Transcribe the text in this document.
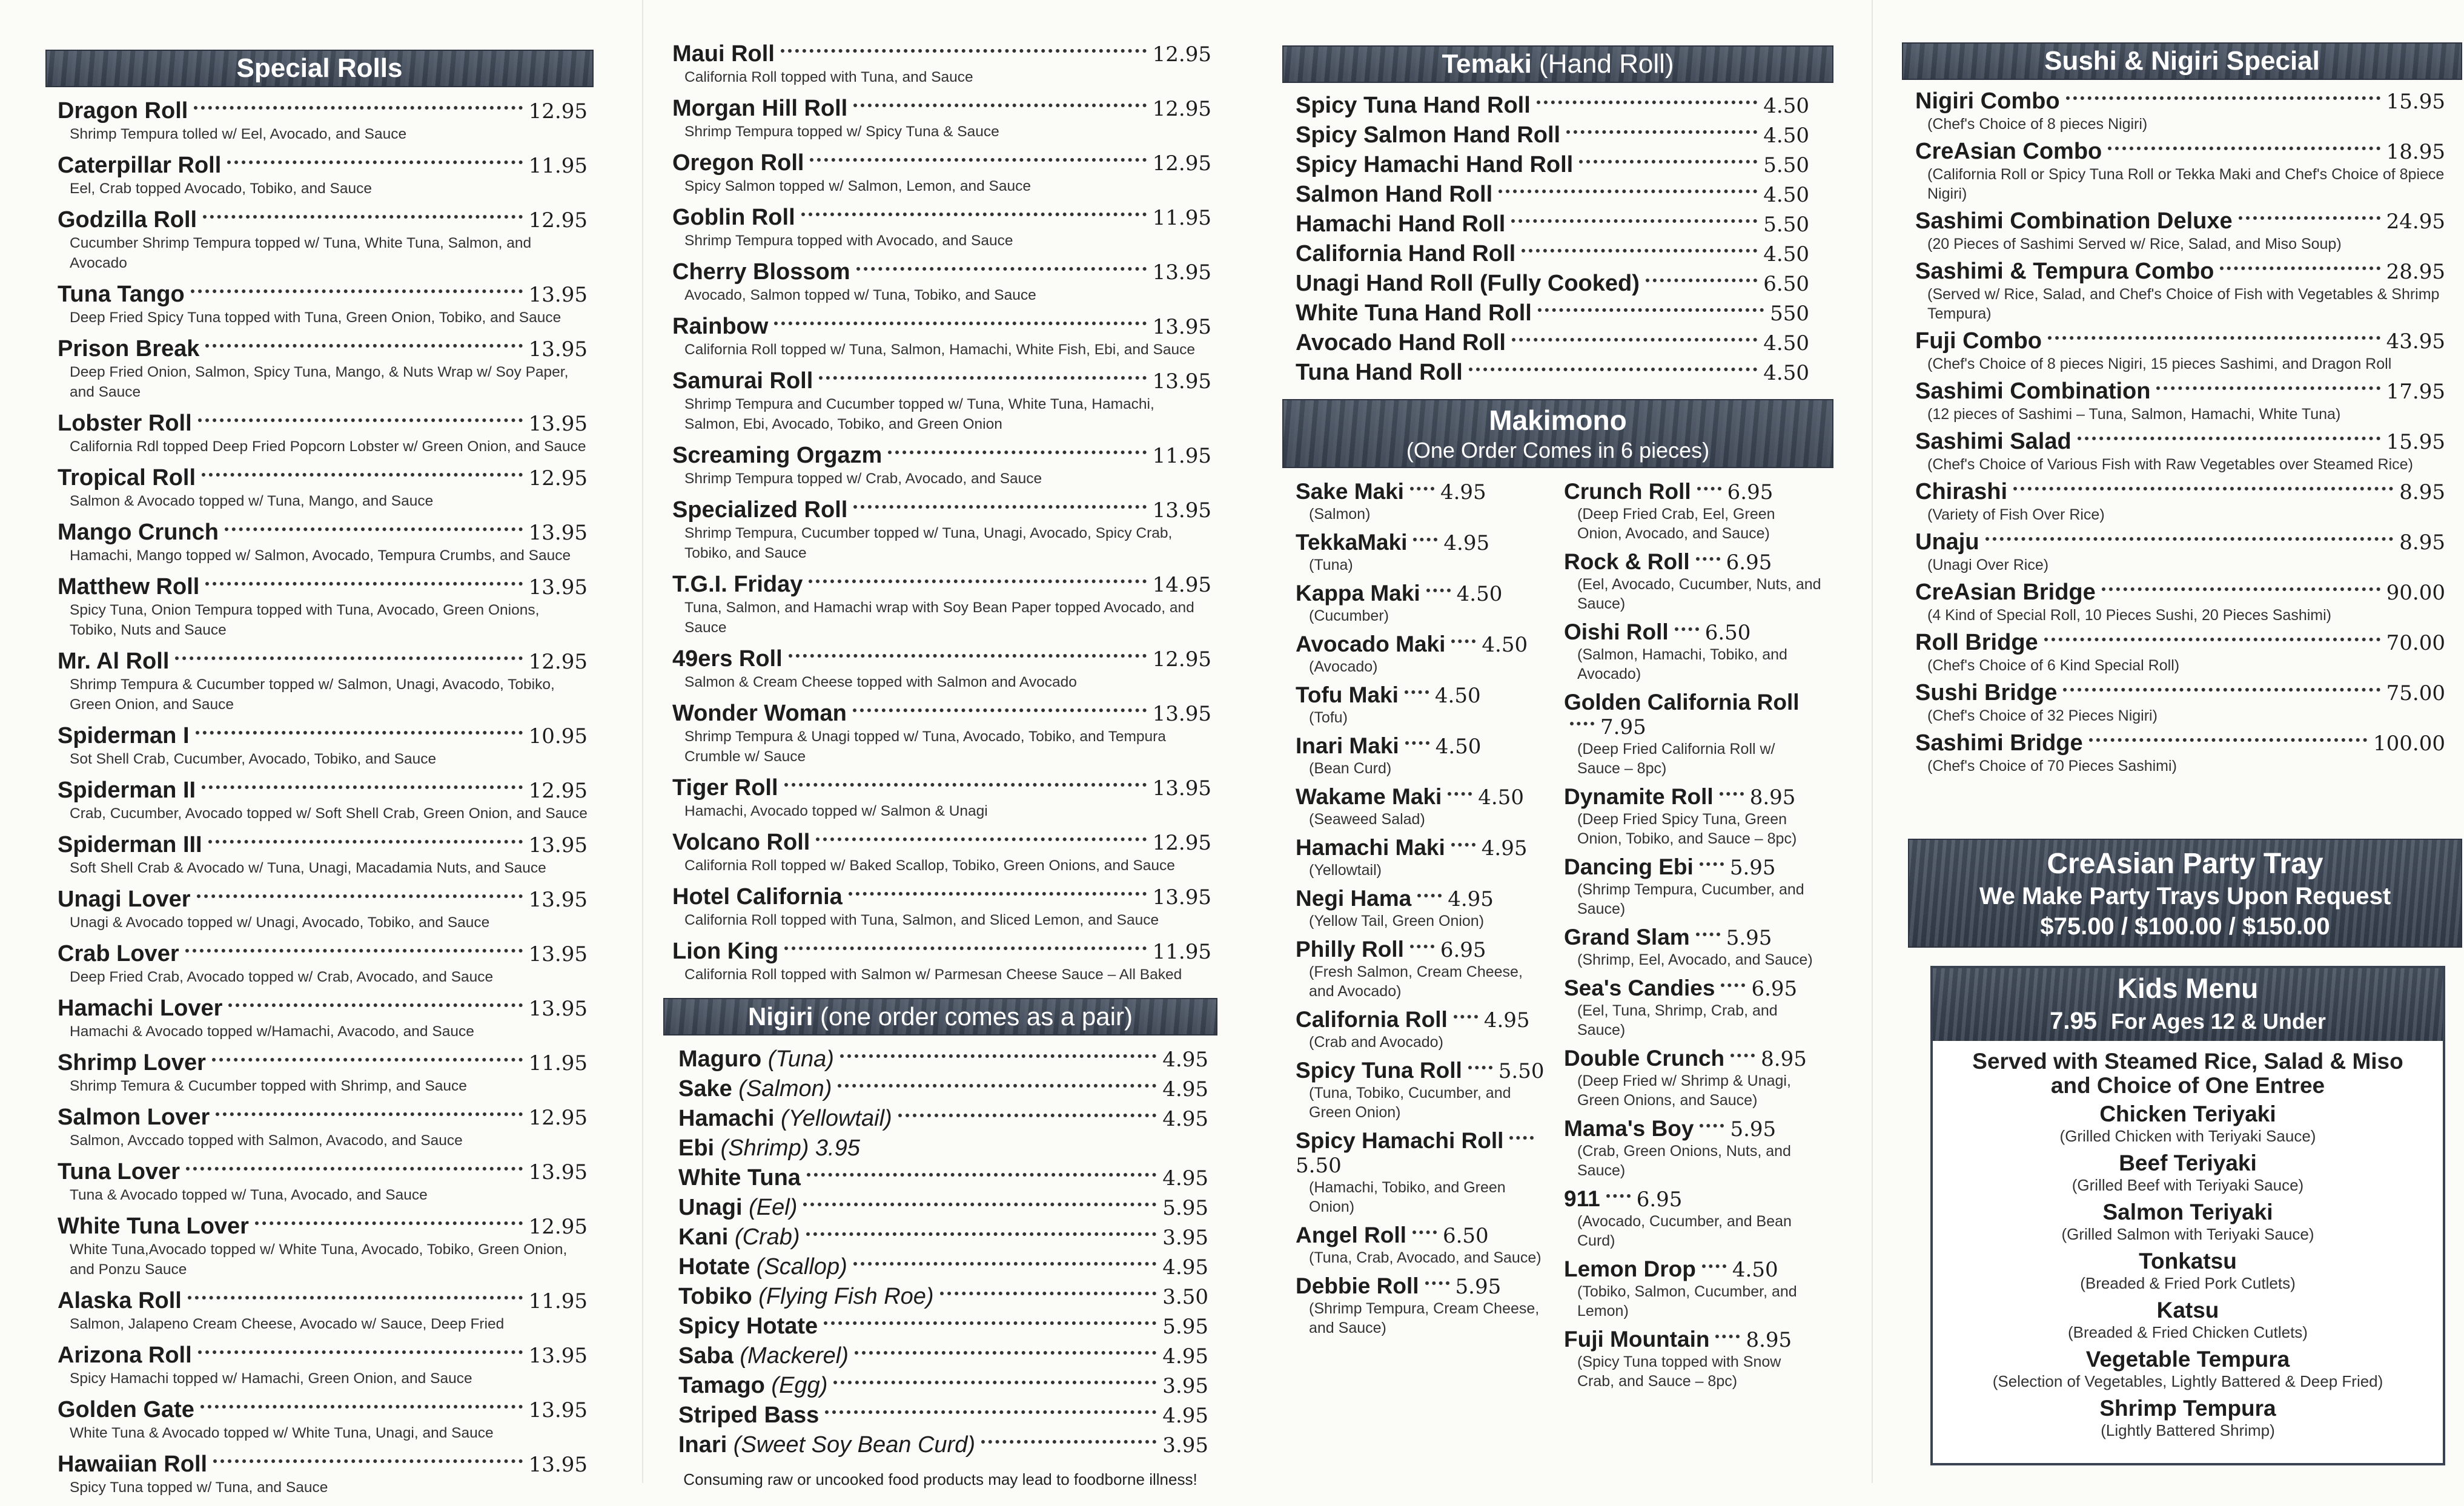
Special Rolls
Dragon Roll	12.95
Shrimp Tempura tolled w/ Eel, Avocado, and Sauce
Caterpillar Roll	11.95
Eel, Crab topped Avocado, Tobiko, and Sauce
Godzilla Roll	12.95
Cucumber Shrimp Tempura topped w/ Tuna, White Tuna, Salmon, and Avocado
Tuna Tango	13.95
Deep Fried Spicy Tuna topped with Tuna, Green Onion, Tobiko, and Sauce
Prison Break	13.95
Deep Fried Onion, Salmon, Spicy Tuna, Mango, & Nuts Wrap w/ Soy Paper, and Sauce
Lobster Roll	13.95
California Rdl topped Deep Fried Popcorn Lobster w/ Green Onion, and Sauce
Tropical Roll	12.95
Salmon & Avocado topped w/ Tuna, Mango, and Sauce
Mango Crunch	13.95
Hamachi, Mango topped w/ Salmon, Avocado, Tempura Crumbs, and Sauce
Matthew Roll	13.95
Spicy Tuna, Onion Tempura topped with Tuna, Avocado, Green Onions, Tobiko, Nuts and Sauce
Mr. Al Roll	12.95
Shrimp Tempura & Cucumber topped w/ Salmon, Unagi, Avacodo, Tobiko, Green Onion, and Sauce
Spiderman I	10.95
Sot Shell Crab, Cucumber, Avocado, Tobiko, and Sauce
Spiderman II	12.95
Crab, Cucumber, Avocado topped w/ Soft Shell Crab, Green Onion, and Sauce
Spiderman III	13.95
Soft Shell Crab & Avocado w/ Tuna, Unagi, Macadamia Nuts, and Sauce
Unagi Lover	13.95
Unagi & Avocado topped w/ Unagi, Avocado, Tobiko, and Sauce
Crab Lover	13.95
Deep Fried Crab, Avocado topped w/ Crab, Avocado, and Sauce
Hamachi Lover	13.95
Hamachi & Avocado topped w/Hamachi, Avacodo, and Sauce
Shrimp Lover	11.95
Shrimp Temura & Cucumber topped with Shrimp, and Sauce
Salmon Lover	12.95
Salmon, Avccado topped with Salmon, Avacodo, and Sauce
Tuna Lover	13.95
Tuna & Avocado topped w/ Tuna, Avocado, and Sauce
White Tuna Lover	12.95
White Tuna,Avocado topped w/ White Tuna, Avocado, Tobiko, Green Onion, and Ponzu Sauce
Alaska Roll	11.95
Salmon, Jalapeno Cream Cheese, Avocado w/ Sauce, Deep Fried
Arizona Roll	13.95
Spicy Hamachi topped w/ Hamachi, Green Onion, and Sauce
Golden Gate	13.95
White Tuna & Avocado topped w/ White Tuna, Unagi, and Sauce
Hawaiian Roll	13.95
Spicy Tuna topped w/ Tuna, and Sauce
Maui Roll	12.95
California Roll topped with Tuna, and Sauce
Morgan Hill Roll	12.95
Shrimp Tempura topped w/ Spicy Tuna & Sauce
Oregon Roll	12.95
Spicy Salmon topped w/ Salmon, Lemon, and Sauce
Goblin Roll	11.95
Shrimp Tempura topped with Avocado, and Sauce
Cherry Blossom	13.95
Avocado, Salmon topped w/ Tuna, Tobiko, and Sauce
Rainbow	13.95
California Roll topped w/ Tuna, Salmon, Hamachi, White Fish, Ebi, and Sauce
Samurai Roll	13.95
Shrimp Tempura and Cucumber topped w/ Tuna, White Tuna, Hamachi, Salmon, Ebi, Avocado, Tobiko, and Green Onion
Screaming Orgazm	11.95
Shrimp Tempura topped w/ Crab, Avocado, and Sauce
Specialized Roll	13.95
Shrimp Tempura, Cucumber topped w/ Tuna, Unagi, Avocado, Spicy Crab, Tobiko, and Sauce
T.G.I. Friday	14.95
Tuna, Salmon, and Hamachi wrap with Soy Bean Paper topped Avocado, and Sauce
49ers Roll	12.95
Salmon & Cream Cheese topped with Salmon and Avocado
Wonder Woman	13.95
Shrimp Tempura & Unagi topped w/ Tuna, Avocado, Tobiko, and Tempura Crumble w/ Sauce
Tiger Roll	13.95
Hamachi, Avocado topped w/ Salmon & Unagi
Volcano Roll	12.95
California Roll topped w/ Baked Scallop, Tobiko, Green Onions, and Sauce
Hotel California	13.95
California Roll topped with Tuna, Salmon, and Sliced Lemon, and Sauce
Lion King	11.95
California Roll topped with Salmon w/ Parmesan Cheese Sauce – All Baked
Nigiri (one order comes as a pair)
Maguro (Tuna)	4.95
Sake (Salmon)	4.95
Hamachi (Yellowtail)	4.95
Ebi (Shrimp) 3.95
White Tuna	4.95
Unagi (Eel)	5.95
Kani (Crab)	3.95
Hotate (Scallop)	4.95
Tobiko (Flying Fish Roe)	3.50
Spicy Hotate	5.95
Saba (Mackerel)	4.95
Tamago (Egg)	3.95
Striped Bass	4.95
Inari (Sweet Soy Bean Curd)	3.95
Consuming raw or uncooked food products may lead to foodborne illness!
Temaki (Hand Roll)
Spicy Tuna Hand Roll	4.50
Spicy Salmon Hand Roll	4.50
Spicy Hamachi Hand Roll	5.50
Salmon Hand Roll	4.50
Hamachi Hand Roll	5.50
California Hand Roll	4.50
Unagi Hand Roll (Fully Cooked)	6.50
White Tuna Hand Roll	550
Avocado Hand Roll	4.50
Tuna Hand Roll	4.50
Makimono
(One Order Comes in 6 pieces)
Sake Maki 4.95
(Salmon)
TekkaMaki 4.95
(Tuna)
Kappa Maki 4.50
(Cucumber)
Avocado Maki 4.50
(Avocado)
Tofu Maki 4.50
(Tofu)
Inari Maki 4.50
(Bean Curd)
Wakame Maki 4.50
(Seaweed Salad)
Hamachi Maki 4.95
(Yellowtail)
Negi Hama 4.95
(Yellow Tail, Green Onion)
Philly Roll 6.95
(Fresh Salmon, Cream Cheese, and Avocado)
California Roll 4.95
(Crab and Avocado)
Spicy Tuna Roll 5.50
(Tuna, Tobiko, Cucumber, and Green Onion)
Spicy Hamachi Roll
5.50
(Hamachi, Tobiko, and Green Onion)
Angel Roll 6.50
(Tuna, Crab, Avocado, and Sauce)
Debbie Roll 5.95
(Shrimp Tempura, Cream Cheese, and Sauce)
Crunch Roll 6.95
(Deep Fried Crab, Eel, Green Onion, Avocado, and Sauce)
Rock & Roll 6.95
(Eel, Avocado, Cucumber, Nuts, and Sauce)
Oishi Roll 6.50
(Salmon, Hamachi, Tobiko, and Avocado)
Golden California Roll
7.95
(Deep Fried California Roll w/ Sauce – 8pc)
Dynamite Roll 8.95
(Deep Fried Spicy Tuna, Green Onion, Tobiko, and Sauce – 8pc)
Dancing Ebi 5.95
(Shrimp Tempura, Cucumber, and Sauce)
Grand Slam 5.95
(Shrimp, Eel, Avocado, and Sauce)
Sea's Candies 6.95
(Eel, Tuna, Shrimp, Crab, and Sauce)
Double Crunch 8.95
(Deep Fried w/ Shrimp & Unagi, Green Onions, and Sauce)
Mama's Boy 5.95
(Crab, Green Onions, Nuts, and Sauce)
911 6.95
(Avocado, Cucumber, and Bean Curd)
Lemon Drop 4.50
(Tobiko, Salmon, Cucumber, and Lemon)
Fuji Mountain 8.95
(Spicy Tuna topped with Snow Crab, and Sauce – 8pc)
Sushi & Nigiri Special
Nigiri Combo	15.95
(Chef's Choice of 8 pieces Nigiri)
CreAsian Combo	18.95
(California Roll or Spicy Tuna Roll or Tekka Maki and Chef's Choice of 8piece Nigiri)
Sashimi Combination Deluxe	24.95
(20 Pieces of Sashimi Served w/ Rice, Salad, and Miso Soup)
Sashimi & Tempura Combo	28.95
(Served w/ Rice, Salad, and Chef's Choice of Fish with Vegetables & Shrimp Tempura)
Fuji Combo	43.95
(Chef's Choice of 8 pieces Nigiri, 15 pieces Sashimi, and Dragon Roll
Sashimi Combination	17.95
(12 pieces of Sashimi – Tuna, Salmon, Hamachi, White Tuna)
Sashimi Salad	15.95
(Chef's Choice of Various Fish with Raw Vegetables over Steamed Rice)
Chirashi	8.95
(Variety of Fish Over Rice)
Unaju	8.95
(Unagi Over Rice)
CreAsian Bridge	90.00
(4 Kind of Special Roll, 10 Pieces Sushi, 20 Pieces Sashimi)
Roll Bridge	70.00
(Chef's Choice of 6 Kind Special Roll)
Sushi Bridge	75.00
(Chef's Choice of 32 Pieces Nigiri)
Sashimi Bridge	100.00
(Chef's Choice of 70 Pieces Sashimi)
CreAsian Party Tray
We Make Party Trays Upon Request
$75.00 / $100.00 / $150.00
Kids Menu
7.95 For Ages 12 & Under
Served with Steamed Rice, Salad & Miso and Choice of One Entree
Chicken Teriyaki
(Grilled Chicken with Teriyaki Sauce)
Beef Teriyaki
(Grilled Beef with Teriyaki Sauce)
Salmon Teriyaki
(Grilled Salmon with Teriyaki Sauce)
Tonkatsu
(Breaded & Fried Pork Cutlets)
Katsu
(Breaded & Fried Chicken Cutlets)
Vegetable Tempura
(Selection of Vegetables, Lightly Battered & Deep Fried)
Shrimp Tempura
(Lightly Battered Shrimp)
